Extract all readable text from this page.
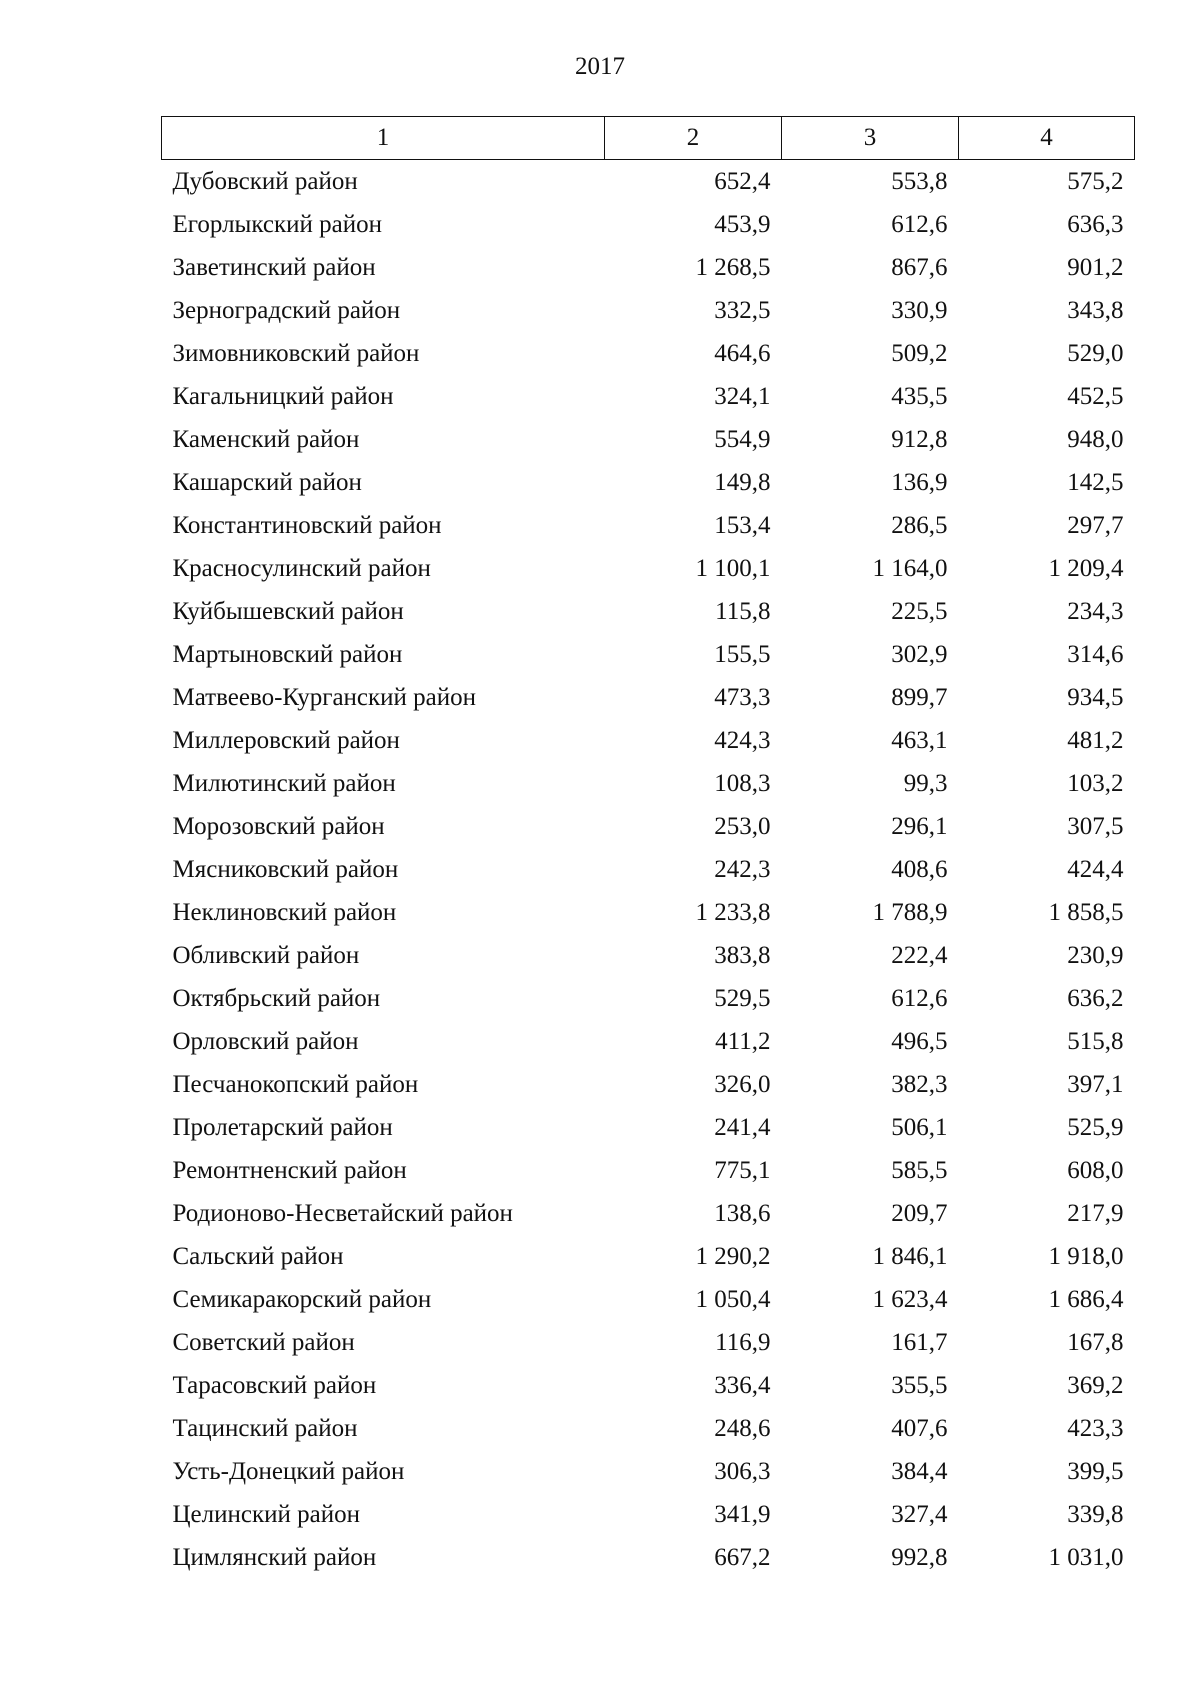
2017
1	2	3	4
Дубовский район	652,4	553,8	575,2
Егорлыкский район	453,9	612,6	636,3
Заветинский район	1 268,5	867,6	901,2
Зерноградский район	332,5	330,9	343,8
Зимовниковский район	464,6	509,2	529,0
Кагальницкий район	324,1	435,5	452,5
Каменский район	554,9	912,8	948,0
Кашарский район	149,8	136,9	142,5
Константиновский район	153,4	286,5	297,7
Красносулинский район	1 100,1	1 164,0	1 209,4
Куйбышевский район	115,8	225,5	234,3
Мартыновский район	155,5	302,9	314,6
Матвеево-Курганский район	473,3	899,7	934,5
Миллеровский район	424,3	463,1	481,2
Милютинский район	108,3	99,3	103,2
Морозовский район	253,0	296,1	307,5
Мясниковский район	242,3	408,6	424,4
Неклиновский район	1 233,8	1 788,9	1 858,5
Обливский район	383,8	222,4	230,9
Октябрьский район	529,5	612,6	636,2
Орловский район	411,2	496,5	515,8
Песчанокопский район	326,0	382,3	397,1
Пролетарский район	241,4	506,1	525,9
Ремонтненский район	775,1	585,5	608,0
Родионово-Несветайский район	138,6	209,7	217,9
Сальский район	1 290,2	1 846,1	1 918,0
Семикаракорский район	1 050,4	1 623,4	1 686,4
Советский район	116,9	161,7	167,8
Тарасовский район	336,4	355,5	369,2
Тацинский район	248,6	407,6	423,3
Усть-Донецкий район	306,3	384,4	399,5
Целинский район	341,9	327,4	339,8
Цимлянский район	667,2	992,8	1 031,0
